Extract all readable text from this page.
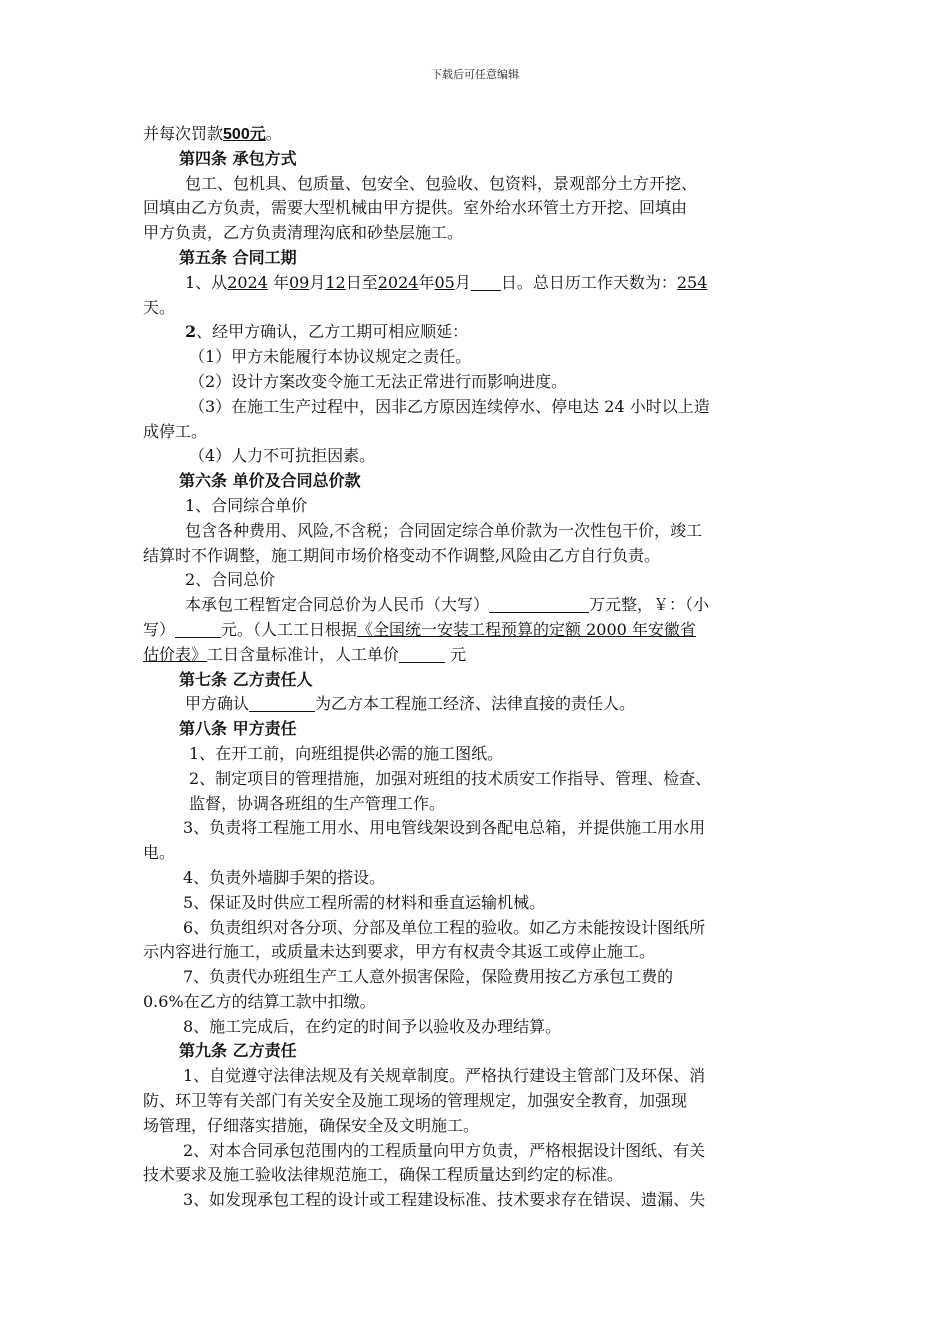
下载后可任意编辑
并每次罚款500元。
第四条 承包方式
包工、包机具、包质量、包安全、包验收、包资料，景观部分土方开挖、
回填由乙方负责，需要大型机械由甲方提供。室外给水环管土方开挖、回填由
甲方负责，乙方负责清理沟底和砂垫层施工。
第五条 合同工期
1、从2024 年09月12日至2024年05月 日。总日历工作天数为：254
天。
2、经甲方确认，乙方工期可相应顺延：
（1）甲方未能履行本协议规定之责任。
（2）设计方案改变令施工无法正常进行而影响进度。
（3）在施工生产过程中，因非乙方原因连续停水、停电达 24 小时以上造
成停工。
（4）人力不可抗拒因素。
第六条 单价及合同总价款
1、合同综合单价
包含各种费用、风险,不含税；合同固定综合单价款为一次性包干价，竣工
结算时不作调整，施工期间市场价格变动不作调整,风险由乙方自行负责。
2、合同总价
本承包工程暂定合同总价为人民币（大写）	万元整，￥：（小
写）	元。（人工工日根据《全国统一安装工程预算的定额 2000 年安徽省
估价表》工日含量标准计，人工单价	元
第七条 乙方责任人
甲方确认	为乙方本工程施工经济、法律直接的责任人。
第八条 甲方责任
1、在开工前，向班组提供必需的施工图纸。
2、制定项目的管理措施，加强对班组的技术质安工作指导、管理、检查、
监督，协调各班组的生产管理工作。
3、负责将工程施工用水、用电管线架设到各配电总箱，并提供施工用水用
电。
4、负责外墙脚手架的搭设。
5、保证及时供应工程所需的材料和垂直运输机械。
6、负责组织对各分项、分部及单位工程的验收。如乙方未能按设计图纸所
示内容进行施工，或质量未达到要求，甲方有权责令其返工或停止施工。
7、负责代办班组生产工人意外损害保险，保险费用按乙方承包工费的
0.6%在乙方的结算工款中扣缴。
8、施工完成后，在约定的时间予以验收及办理结算。
第九条 乙方责任
1、自觉遵守法律法规及有关规章制度。严格执行建设主管部门及环保、消
防、环卫等有关部门有关安全及施工现场的管理规定，加强安全教育，加强现
场管理，仔细落实措施，确保安全及文明施工。
2、对本合同承包范围内的工程质量向甲方负责，严格根据设计图纸、有关
技术要求及施工验收法律规范施工，确保工程质量达到约定的标准。
3、如发现承包工程的设计或工程建设标准、技术要求存在错误、遗漏、失
